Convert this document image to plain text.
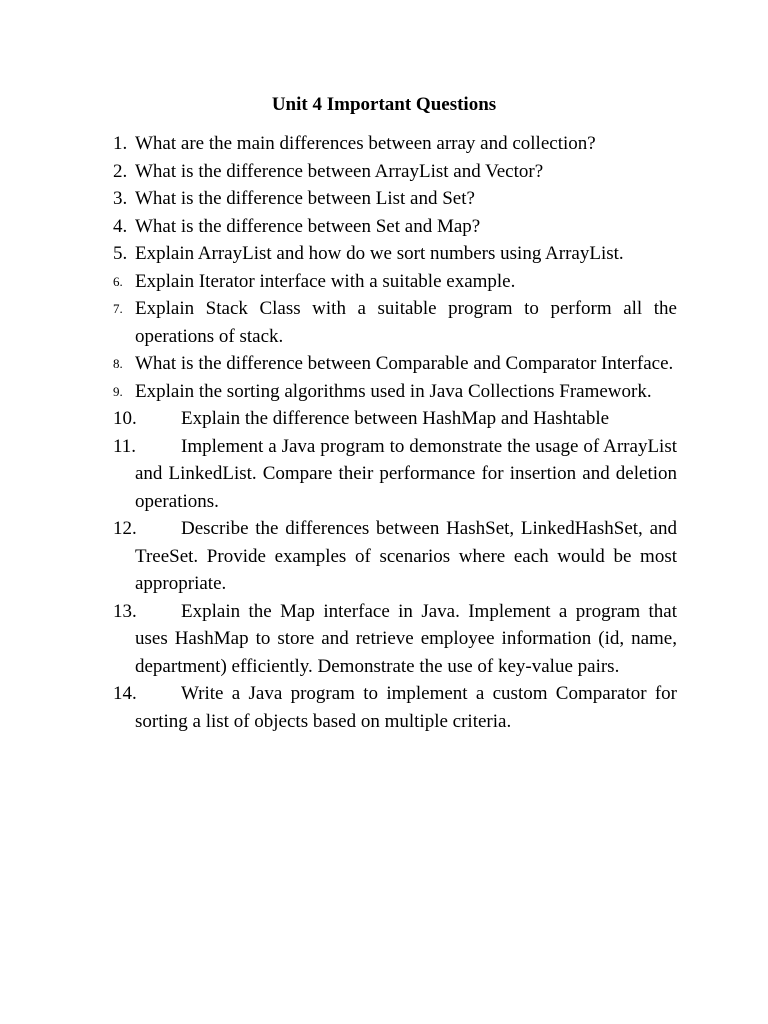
Unit 4 Important Questions
1. What are the main differences between array and collection?
2. What is the difference between ArrayList and Vector?
3. What is the difference between List and Set?
4. What is the difference between Set and Map?
5. Explain ArrayList and how do we sort numbers using ArrayList.
6. Explain Iterator interface with a suitable example.
7. Explain Stack Class with a suitable program to perform all the operations of stack.
8. What is the difference between Comparable and Comparator Interface.
9. Explain the sorting algorithms used in Java Collections Framework.
10.	Explain the difference between HashMap and Hashtable
11.	Implement a Java program to demonstrate the usage of ArrayList and LinkedList. Compare their performance for insertion and deletion operations.
12.	Describe the differences between HashSet, LinkedHashSet, and TreeSet. Provide examples of scenarios where each would be most appropriate.
13.	Explain the Map interface in Java. Implement a program that uses HashMap to store and retrieve employee information (id, name, department) efficiently. Demonstrate the use of key-value pairs.
14.	Write a Java program to implement a custom Comparator for sorting a list of objects based on multiple criteria.
